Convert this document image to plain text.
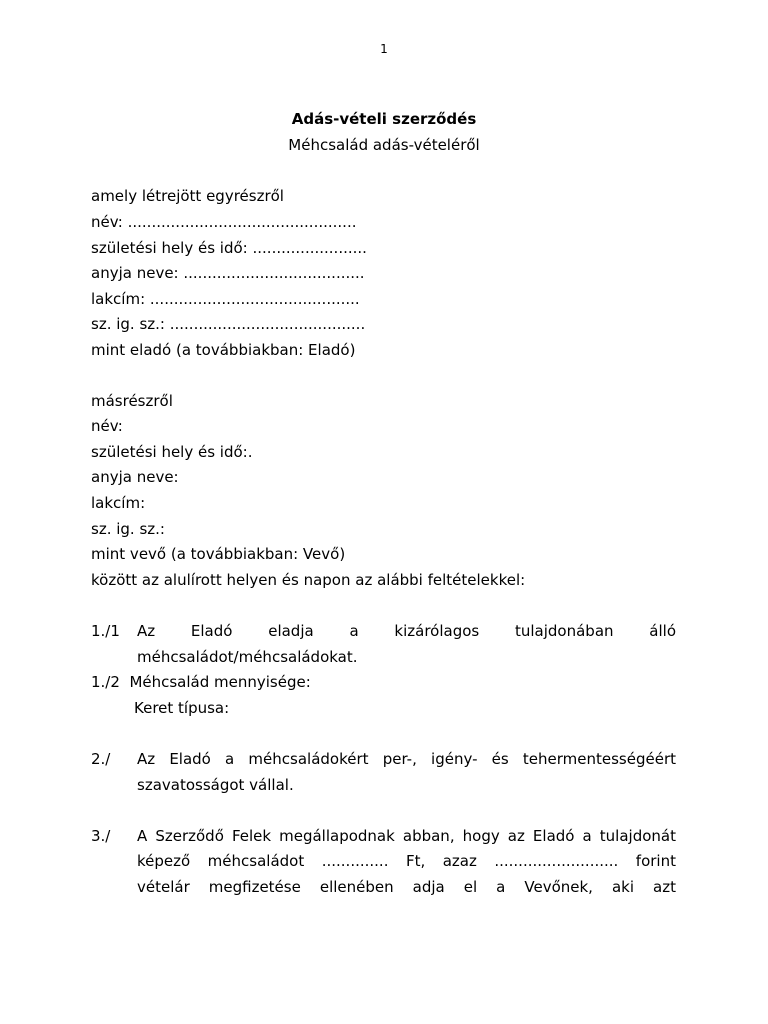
1
Adás-vételi szerződés
Méhcsalád adás-vételéről
amely létrejött egyrészről
név: ................................................
születési hely és idő: ........................
anyja neve: ......................................
lakcím: ............................................
sz. ig. sz.: .........................................
mint eladó (a továbbiakban: Eladó)
másrészről
név:
születési hely és idő:.
anyja neve:
lakcím:
sz. ig. sz.:
mint vevő (a továbbiakban: Vevő)
között az alulírott helyen és napon az alábbi feltételekkel:
1./1 Az Eladó eladja a kizárólagos tulajdonában álló
méhcsaládot/méhcsaládokat.
1./2  Méhcsalád mennyisége:
Keret típusa:
2./ Az Eladó a méhcsaládokért per-, igény- és tehermentességéért
szavatosságot vállal.
3./ A Szerződő Felek megállapodnak abban, hogy az Eladó a tulajdonát
képező méhcsaládot .............. Ft, azaz .......................... forint
vételár megfizetése ellenében adja el a Vevőnek, aki azt
